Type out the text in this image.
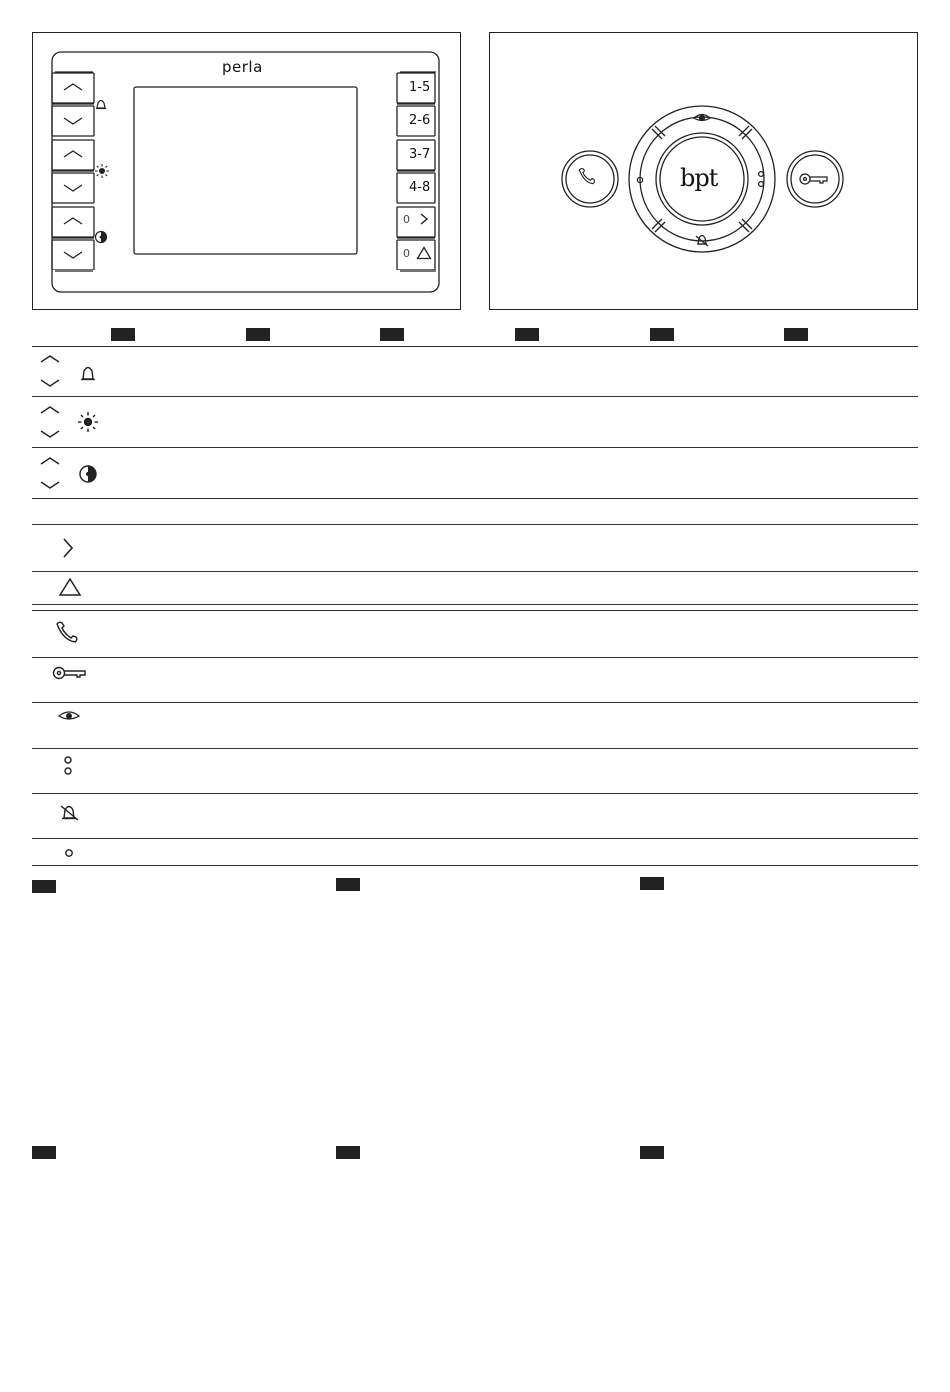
perla
1-5
2-6
3-7
4-8
0
0
bpt
